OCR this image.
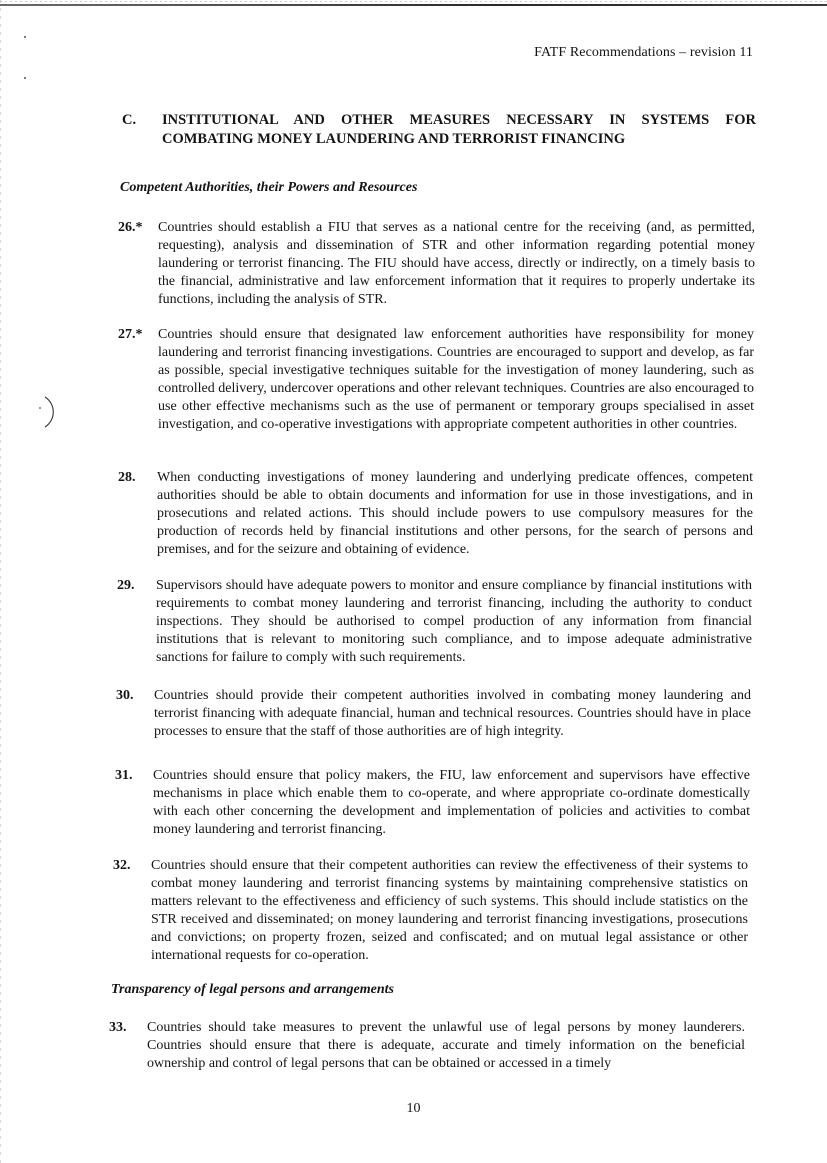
FATF Recommendations – revision 11
C. INSTITUTIONAL AND OTHER MEASURES NECESSARY IN SYSTEMS FOR
COMBATING MONEY LAUNDERING AND TERRORIST FINANCING
Competent Authorities, their Powers and Resources
26.* Countries should establish a FIU that serves as a national centre for the receiving (and, as permitted, requesting), analysis and dissemination of STR and other information regarding potential money laundering or terrorist financing. The FIU should have access, directly or indirectly, on a timely basis to the financial, administrative and law enforcement information that it requires to properly undertake its functions, including the analysis of STR.
27.* Countries should ensure that designated law enforcement authorities have responsibility for money laundering and terrorist financing investigations. Countries are encouraged to support and develop, as far as possible, special investigative techniques suitable for the investigation of money laundering, such as controlled delivery, undercover operations and other relevant techniques. Countries are also encouraged to use other effective mechanisms such as the use of permanent or temporary groups specialised in asset investigation, and co-operative investigations with appropriate competent authorities in other countries.
28. When conducting investigations of money laundering and underlying predicate offences, competent authorities should be able to obtain documents and information for use in those investigations, and in prosecutions and related actions. This should include powers to use compulsory measures for the production of records held by financial institutions and other persons, for the search of persons and premises, and for the seizure and obtaining of evidence.
29. Supervisors should have adequate powers to monitor and ensure compliance by financial institutions with requirements to combat money laundering and terrorist financing, including the authority to conduct inspections. They should be authorised to compel production of any information from financial institutions that is relevant to monitoring such compliance, and to impose adequate administrative sanctions for failure to comply with such requirements.
30. Countries should provide their competent authorities involved in combating money laundering and terrorist financing with adequate financial, human and technical resources. Countries should have in place processes to ensure that the staff of those authorities are of high integrity.
31. Countries should ensure that policy makers, the FIU, law enforcement and supervisors have effective mechanisms in place which enable them to co-operate, and where appropriate co-ordinate domestically with each other concerning the development and implementation of policies and activities to combat money laundering and terrorist financing.
32. Countries should ensure that their competent authorities can review the effectiveness of their systems to combat money laundering and terrorist financing systems by maintaining comprehensive statistics on matters relevant to the effectiveness and efficiency of such systems. This should include statistics on the STR received and disseminated; on money laundering and terrorist financing investigations, prosecutions and convictions; on property frozen, seized and confiscated; and on mutual legal assistance or other international requests for co-operation.
Transparency of legal persons and arrangements
33. Countries should take measures to prevent the unlawful use of legal persons by money launderers. Countries should ensure that there is adequate, accurate and timely information on the beneficial ownership and control of legal persons that can be obtained or accessed in a timely
10
